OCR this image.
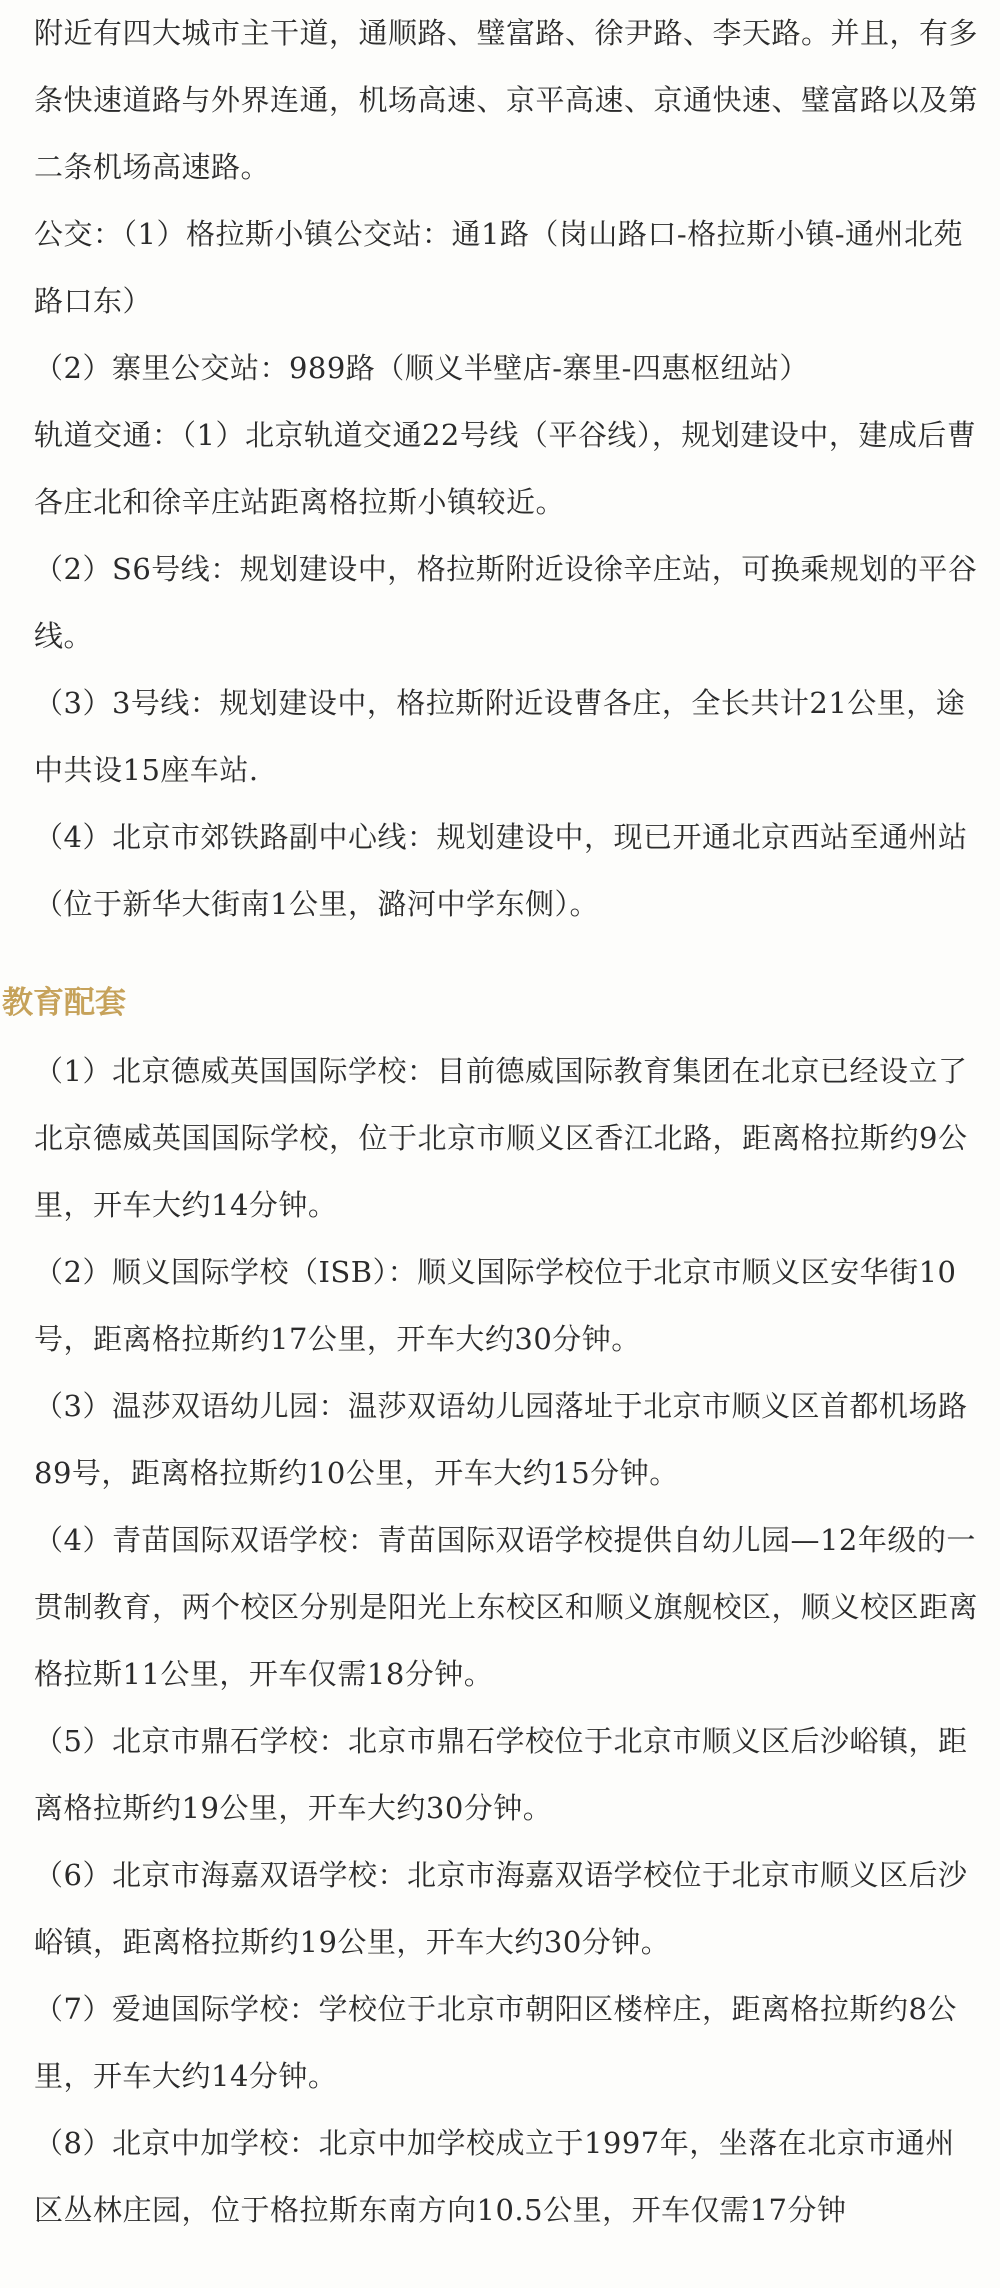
附近有四大城市主干道，通顺路、璧富路、徐尹路、李天路。并且，有多条快速道路与外界连通，机场高速、京平高速、京通快速、璧富路以及第二条机场高速路。

公交：（1）格拉斯小镇公交站：通1路（岗山路口-格拉斯小镇-通州北苑路口东）

（2）寨里公交站：989路（顺义半壁店-寨里-四惠枢纽站）

轨道交通：（1）北京轨道交通22号线（平谷线），规划建设中，建成后曹各庄北和徐辛庄站距离格拉斯小镇较近。

（2）S6号线：规划建设中，格拉斯附近设徐辛庄站，可换乘规划的平谷线。

（3）3号线：规划建设中，格拉斯附近设曹各庄，全长共计21公里，途中共设15座车站.

（4）北京市郊铁路副中心线：规划建设中，现已开通北京西站至通州站（位于新华大街南1公里，潞河中学东侧）。

教育配套

（1）北京德威英国国际学校：目前德威国际教育集团在北京已经设立了北京德威英国国际学校，位于北京市顺义区香江北路，距离格拉斯约9公里，开车大约14分钟。

（2）顺义国际学校（ISB）：顺义国际学校位于北京市顺义区安华街10号，距离格拉斯约17公里，开车大约30分钟。

（3）温莎双语幼儿园：温莎双语幼儿园落址于北京市顺义区首都机场路89号，距离格拉斯约10公里，开车大约15分钟。

（4）青苗国际双语学校：青苗国际双语学校提供自幼儿园—12年级的一贯制教育，两个校区分别是阳光上东校区和顺义旗舰校区，顺义校区距离格拉斯11公里，开车仅需18分钟。

（5）北京市鼎石学校：北京市鼎石学校位于北京市顺义区后沙峪镇，距离格拉斯约19公里，开车大约30分钟。

（6）北京市海嘉双语学校：北京市海嘉双语学校位于北京市顺义区后沙峪镇，距离格拉斯约19公里，开车大约30分钟。

（7）爱迪国际学校：学校位于北京市朝阳区楼梓庄，距离格拉斯约8公里，开车大约14分钟。

（8）北京中加学校：北京中加学校成立于1997年，坐落在北京市通州区丛林庄园，位于格拉斯东南方向10.5公里，开车仅需17分钟
